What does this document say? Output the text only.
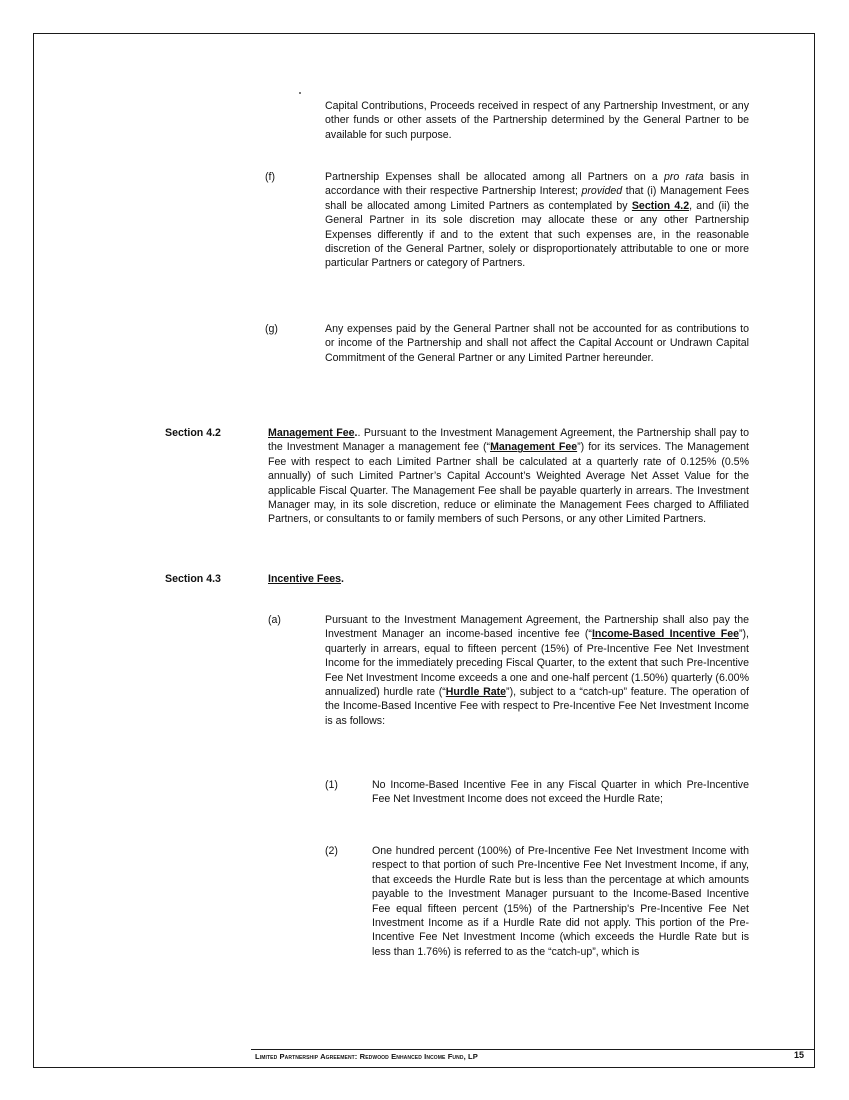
Capital Contributions, Proceeds received in respect of any Partnership Investment, or any other funds or other assets of the Partnership determined by the General Partner to be available for such purpose.
(f)	Partnership Expenses shall be allocated among all Partners on a pro rata basis in accordance with their respective Partnership Interest; provided that (i) Management Fees shall be allocated among Limited Partners as contemplated by Section 4.2, and (ii) the General Partner in its sole discretion may allocate these or any other Partnership Expenses differently if and to the extent that such expenses are, in the reasonable discretion of the General Partner, solely or disproportionately attributable to one or more particular Partners or category of Partners.
(g)	Any expenses paid by the General Partner shall not be accounted for as contributions to or income of the Partnership and shall not affect the Capital Account or Undrawn Capital Commitment of the General Partner or any Limited Partner hereunder.
Section 4.2	Management Fee.. Pursuant to the Investment Management Agreement, the Partnership shall pay to the Investment Manager a management fee (“Management Fee”) for its services. The Management Fee with respect to each Limited Partner shall be calculated at a quarterly rate of 0.125% (0.5% annually) of such Limited Partner’s Capital Account’s Weighted Average Net Asset Value for the applicable Fiscal Quarter. The Management Fee shall be payable quarterly in arrears. The Investment Manager may, in its sole discretion, reduce or eliminate the Management Fees charged to Affiliated Partners, or consultants to or family members of such Persons, or any other Limited Partners.
Section 4.3	Incentive Fees.
(a)	Pursuant to the Investment Management Agreement, the Partnership shall also pay the Investment Manager an income-based incentive fee (“Income-Based Incentive Fee”), quarterly in arrears, equal to fifteen percent (15%) of Pre-Incentive Fee Net Investment Income for the immediately preceding Fiscal Quarter, to the extent that such Pre-Incentive Fee Net Investment Income exceeds a one and one-half percent (1.50%) quarterly (6.00% annualized) hurdle rate (“Hurdle Rate”), subject to a “catch-up” feature. The operation of the Income-Based Incentive Fee with respect to Pre-Incentive Fee Net Investment Income is as follows:
(1)	No Income-Based Incentive Fee in any Fiscal Quarter in which Pre-Incentive Fee Net Investment Income does not exceed the Hurdle Rate;
(2)	One hundred percent (100%) of Pre-Incentive Fee Net Investment Income with respect to that portion of such Pre-Incentive Fee Net Investment Income, if any, that exceeds the Hurdle Rate but is less than the percentage at which amounts payable to the Investment Manager pursuant to the Income-Based Incentive Fee equal fifteen percent (15%) of the Partnership's Pre-Incentive Fee Net Investment Income as if a Hurdle Rate did not apply. This portion of the Pre-Incentive Fee Net Investment Income (which exceeds the Hurdle Rate but is less than 1.76%) is referred to as the “catch-up”, which is
Limited Partnership Agreement: Redwood Enhanced Income Fund, LP	15
